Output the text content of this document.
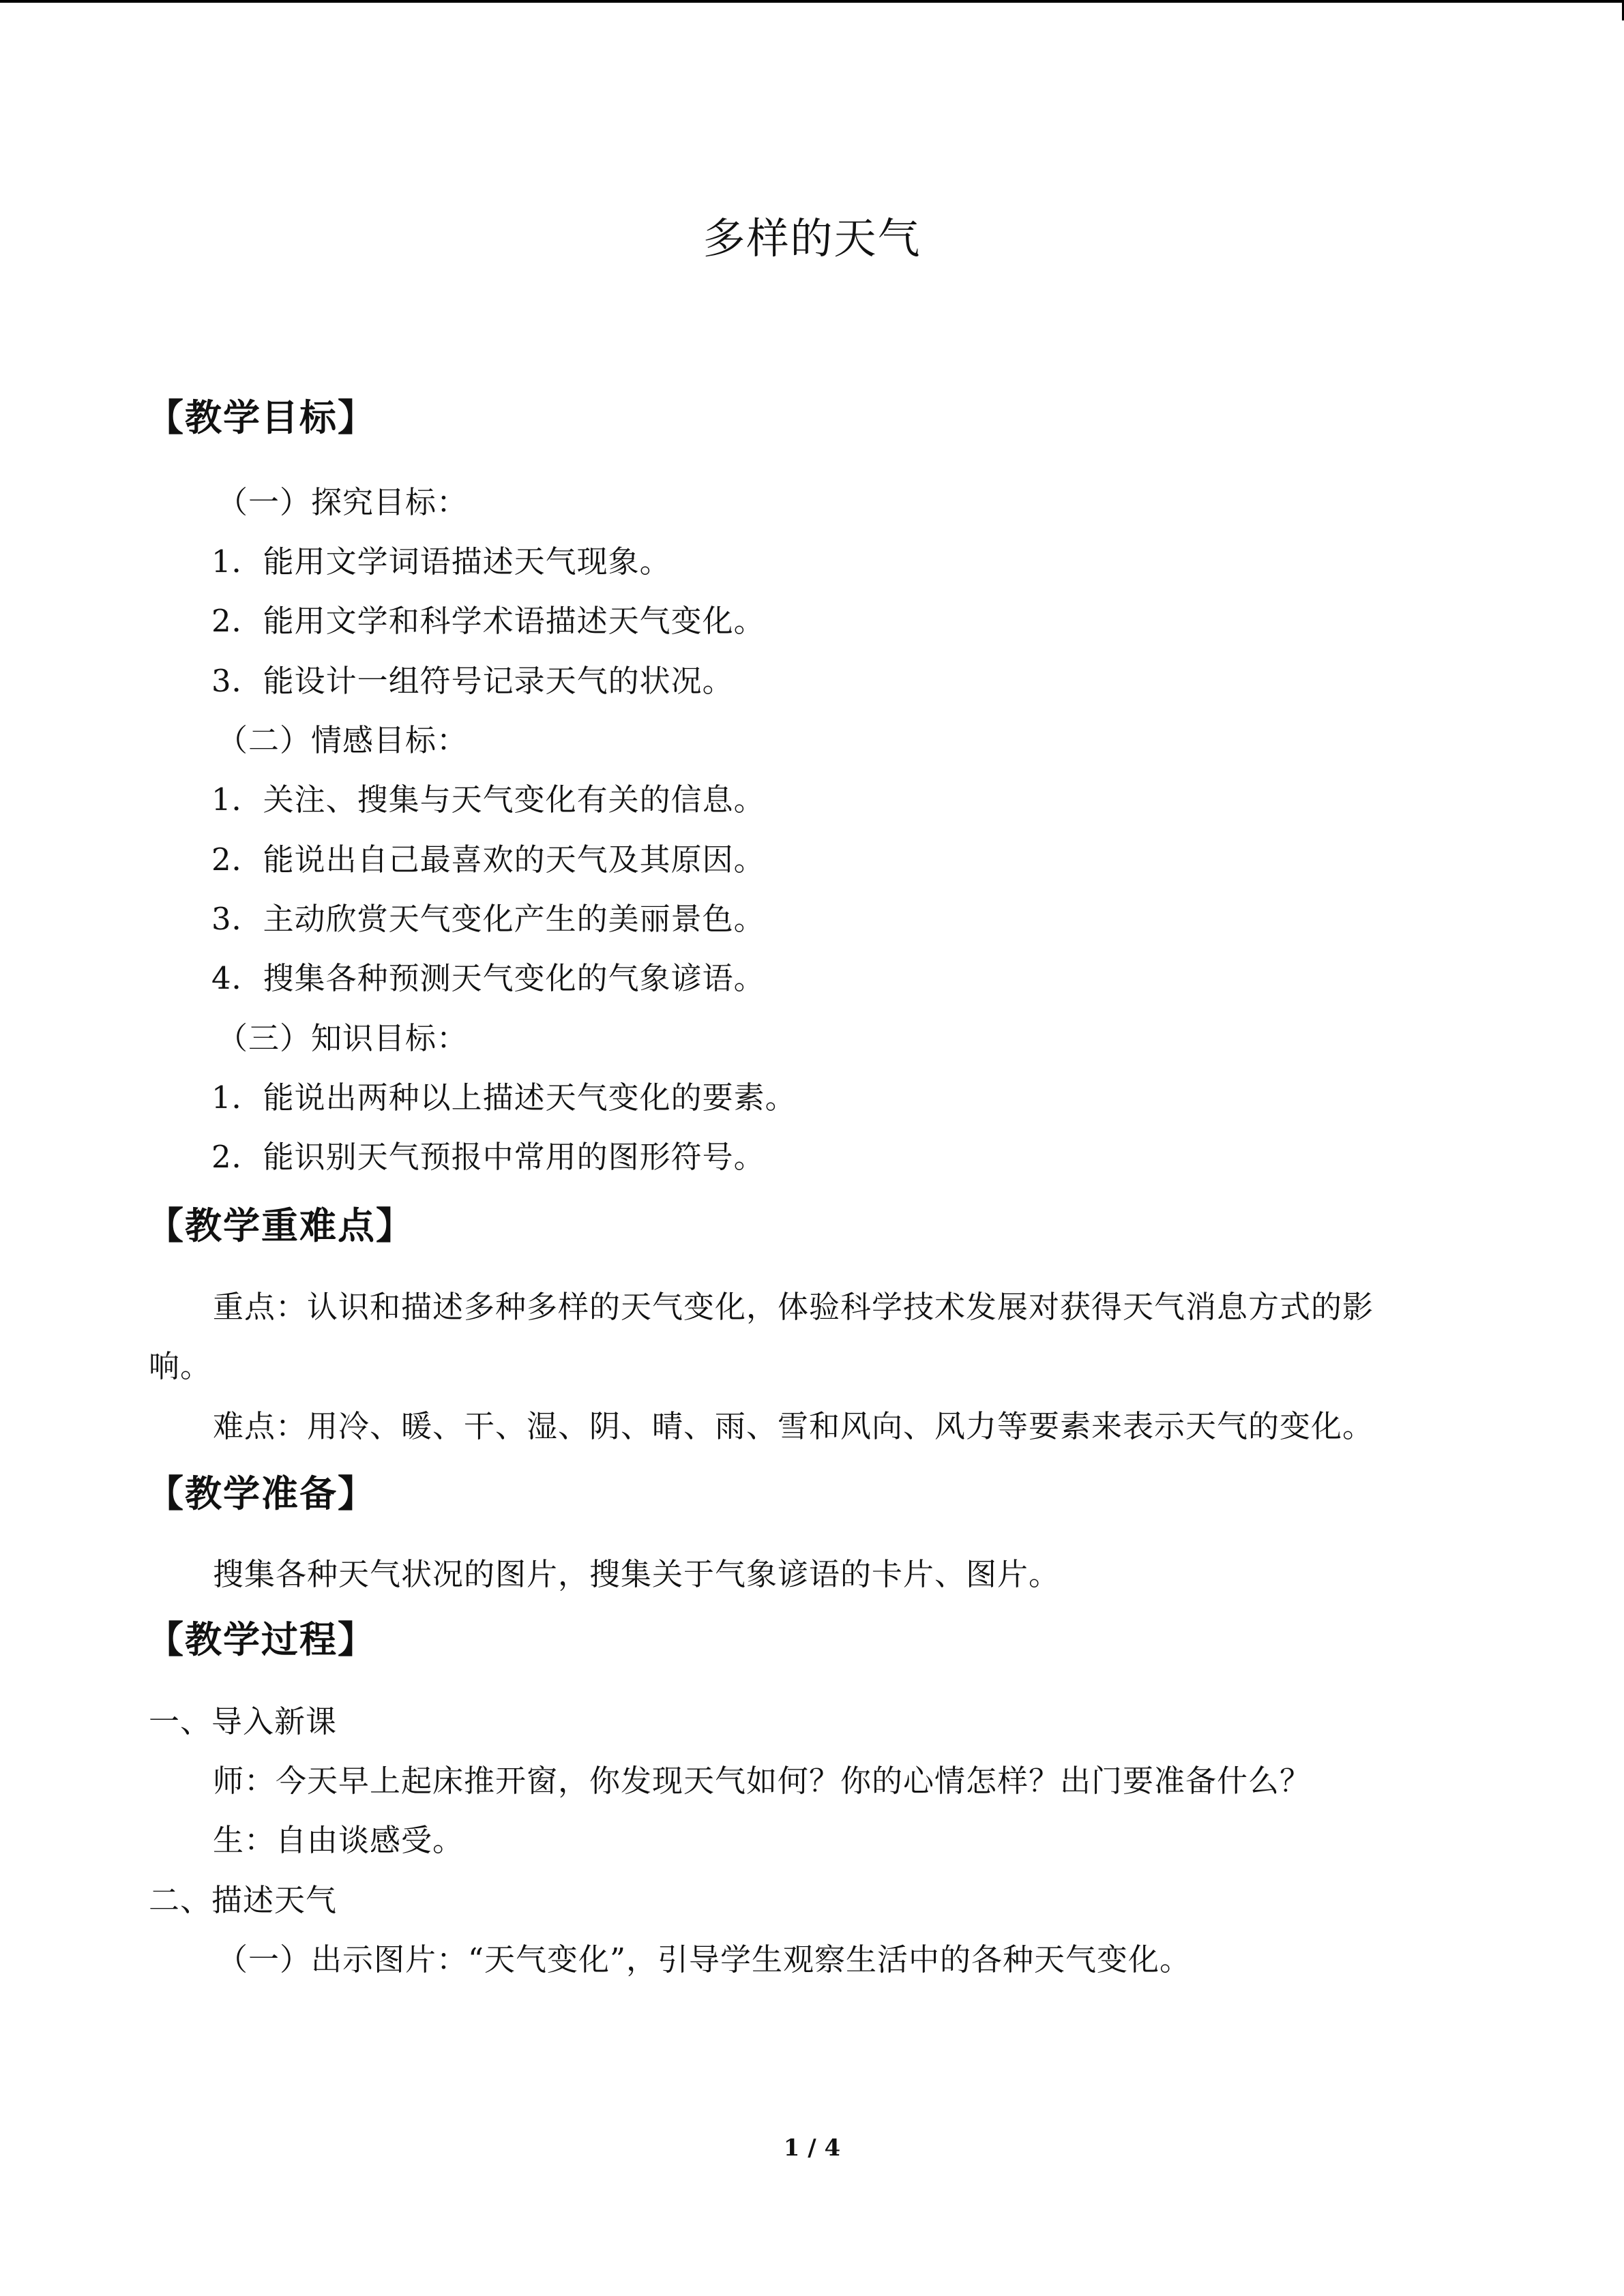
多样的天气
【教学目标】
（一）探究目标：
1．能用文学词语描述天气现象。
2．能用文学和科学术语描述天气变化。
3．能设计一组符号记录天气的状况。
（二）情感目标：
1．关注、搜集与天气变化有关的信息。
2．能说出自己最喜欢的天气及其原因。
3．主动欣赏天气变化产生的美丽景色。
4．搜集各种预测天气变化的气象谚语。
（三）知识目标：
1．能说出两种以上描述天气变化的要素。
2．能识别天气预报中常用的图形符号。
【教学重难点】
重点：认识和描述多种多样的天气变化，体验科学技术发展对获得天气消息方式的影
响。
难点：用冷、暖、干、湿、阴、晴、雨、雪和风向、风力等要素来表示天气的变化。
【教学准备】
搜集各种天气状况的图片，搜集关于气象谚语的卡片、图片。
【教学过程】
一、导入新课
师：今天早上起床推开窗，你发现天气如何？你的心情怎样？出门要准备什么？
生：自由谈感受。
二、描述天气
（一）出示图片：“天气变化”，引导学生观察生活中的各种天气变化。
1 / 4
